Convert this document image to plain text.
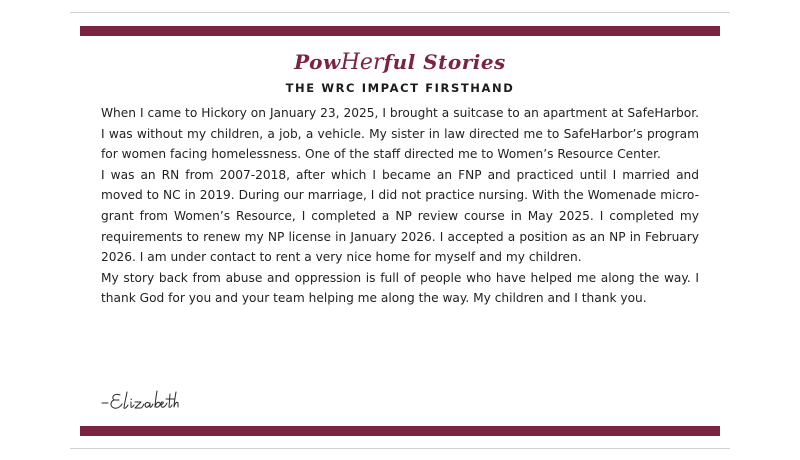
PowHerful Stories
THE WRC IMPACT FIRSTHAND

When I came to Hickory on January 23, 2025, I brought a suitcase to an apartment at SafeHarbor. I was without my children, a job, a vehicle. My sister in law directed me to SafeHarbor’s program for women facing homelessness. One of the staff directed me to Women’s Resource Center.

I was an RN from 2007-2018, after which I became an FNP and practiced until I married and moved to NC in 2019. During our marriage, I did not practice nursing. With the Womenade micro-grant from Women’s Resource, I completed a NP review course in May 2025. I completed my requirements to renew my NP license in January 2026. I accepted a position as an NP in February 2026. I am under contact to rent a very nice home for myself and my children.

My story back from abuse and oppression is full of people who have helped me along the way. I thank God for you and your team helping me along the way. My children and I thank you.
